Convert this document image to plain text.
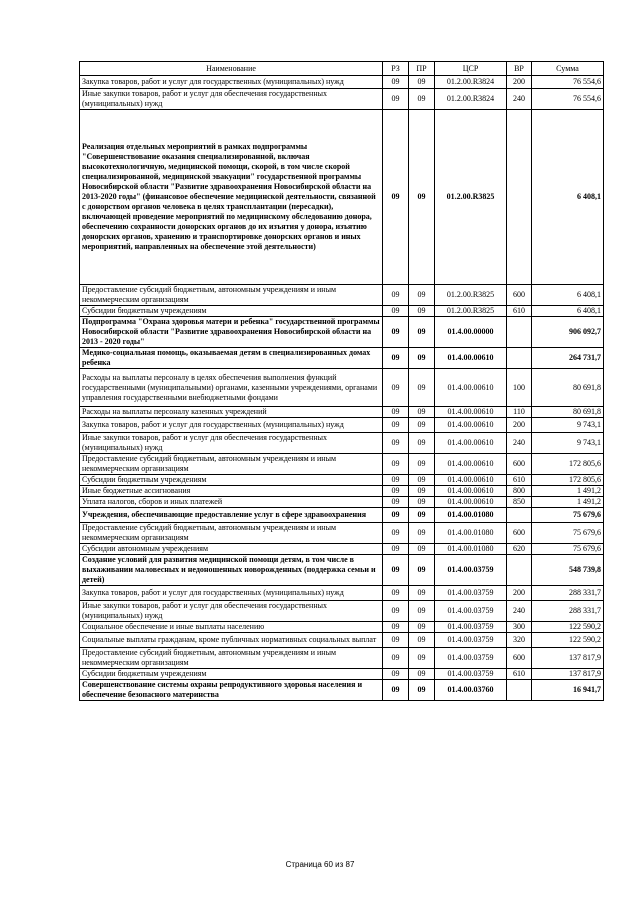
Наименование	РЗ	ПР	ЦСР	ВР	Сумма
Закупка товаров, работ и услуг для государственных (муниципальных) нужд	09	09	01.2.00.R3824	200	76 554,6
Иные закупки товаров, работ и услуг для обеспечения государственных (муниципальных) нужд	09	09	01.2.00.R3824	240	76 554,6
Реализация отдельных мероприятий в рамках подпрограммы "Совершенствование оказания специализированной, включая высокотехнологичную, медицинской помощи, скорой, в том числе скорой специализированной, медицинской эвакуации" государственной программы Новосибирской области "Развитие здравоохранения Новосибирской области на 2013-2020 годы" (финансовое обеспечение медицинской деятельности, связанной с донорством органов человека в целях трансплантации (пересадки), включающей проведение мероприятий по медицинскому обследованию донора, обеспечению сохранности донорских органов до их изъятия у донора, изъятию донорских органов, хранению и транспортировке донорских органов и иных мероприятий, направленных на обеспечение этой деятельности)	09	09	01.2.00.R3825		6 408,1
Предоставление субсидий бюджетным, автономным учреждениям и иным некоммерческим организациям	09	09	01.2.00.R3825	600	6 408,1
Субсидии бюджетным учреждениям	09	09	01.2.00.R3825	610	6 408,1
Подпрограмма "Охрана здоровья матери и ребенка" государственной программы Новосибирской области "Развитие здравоохранения Новосибирской области на 2013 - 2020 годы"	09	09	01.4.00.00000		906 092,7
Медико-социальная помощь, оказываемая детям в специализированных домах ребенка	09	09	01.4.00.00610		264 731,7
Расходы на выплаты персоналу в целях обеспечения выполнения функций государственными (муниципальными) органами, казенными учреждениями, органами управления государственными внебюджетными фондами	09	09	01.4.00.00610	100	80 691,8
Расходы на выплаты персоналу казенных учреждений	09	09	01.4.00.00610	110	80 691,8
Закупка товаров, работ и услуг для государственных (муниципальных) нужд	09	09	01.4.00.00610	200	9 743,1
Иные закупки товаров, работ и услуг для обеспечения государственных (муниципальных) нужд	09	09	01.4.00.00610	240	9 743,1
Предоставление субсидий бюджетным, автономным учреждениям и иным некоммерческим организациям	09	09	01.4.00.00610	600	172 805,6
Субсидии бюджетным учреждениям	09	09	01.4.00.00610	610	172 805,6
Иные бюджетные ассигнования	09	09	01.4.00.00610	800	1 491,2
Уплата налогов, сборов и иных платежей	09	09	01.4.00.00610	850	1 491,2
Учреждения, обеспечивающие предоставление услуг в сфере здравоохранения	09	09	01.4.00.01080		75 679,6
Предоставление субсидий бюджетным, автономным учреждениям и иным некоммерческим организациям	09	09	01.4.00.01080	600	75 679,6
Субсидии автономным учреждениям	09	09	01.4.00.01080	620	75 679,6
Создание условий для развития медицинской помощи детям, в том числе в выхаживании маловесных и недоношенных новорожденных (поддержка семьи и детей)	09	09	01.4.00.03759		548 739,8
Закупка товаров, работ и услуг для государственных (муниципальных) нужд	09	09	01.4.00.03759	200	288 331,7
Иные закупки товаров, работ и услуг для обеспечения государственных (муниципальных) нужд	09	09	01.4.00.03759	240	288 331,7
Социальное обеспечение и иные выплаты населению	09	09	01.4.00.03759	300	122 590,2
Социальные выплаты гражданам, кроме публичных нормативных социальных выплат	09	09	01.4.00.03759	320	122 590,2
Предоставление субсидий бюджетным, автономным учреждениям и иным некоммерческим организациям	09	09	01.4.00.03759	600	137 817,9
Субсидии бюджетным учреждениям	09	09	01.4.00.03759	610	137 817,9
Совершенствование системы охраны репродуктивного здоровья населения и обеспечение безопасного материнства	09	09	01.4.00.03760		16 941,7
Страница 60 из 87
